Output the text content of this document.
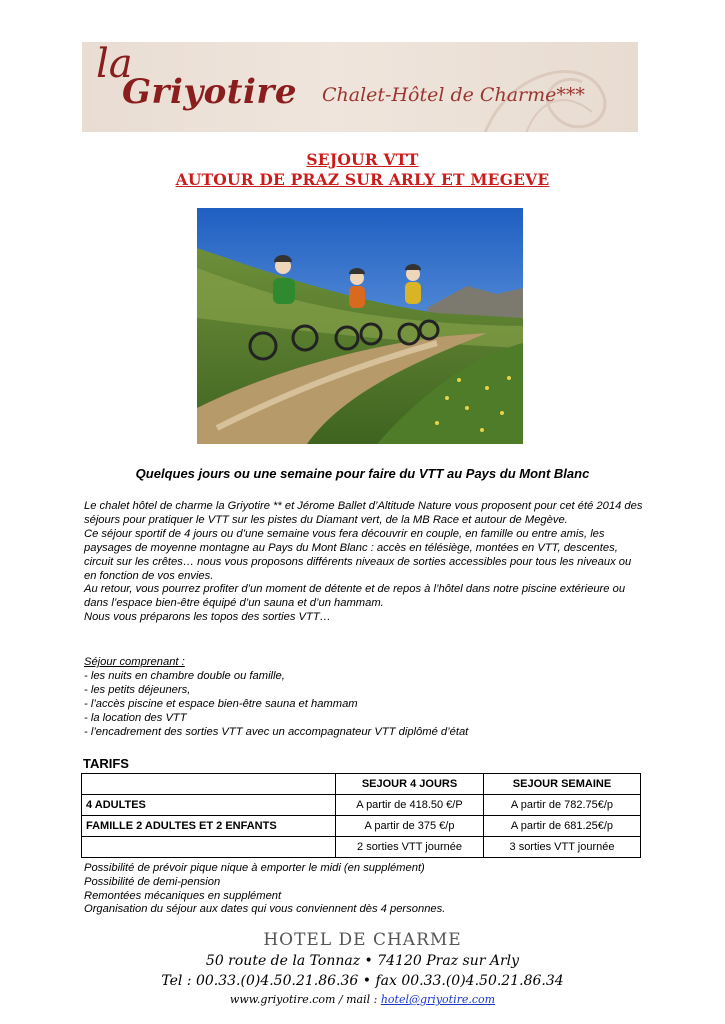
la
Griyotire Chalet-Hôtel de Charme***
SEJOUR VTT
AUTOUR DE PRAZ SUR ARLY ET MEGEVE
Quelques jours ou une semaine pour faire du VTT au Pays du Mont Blanc

Le chalet hôtel de charme la Griyotire ** et Jérome Ballet d’Altitude Nature vous proposent pour cet été 2014 des séjours pour pratiquer le VTT sur les pistes du Diamant vert, de la MB Race et autour de Megève.

Ce séjour sportif de 4 jours ou d’une semaine vous fera découvrir en couple, en famille ou entre amis, les paysages de moyenne montagne au Pays du Mont Blanc : accès en télésiège, montées en VTT, descentes, circuit sur les crêtes… nous vous proposons différents niveaux de sorties accessibles pour tous les niveaux ou en fonction de vos envies.

Au retour, vous pourrez profiter d’un moment de détente et de repos à l’hôtel dans notre piscine extérieure ou dans l’espace bien-être équipé d’un sauna et d’un hammam.

Nous vous préparons les topos des sorties VTT…

Séjour comprenant :
- les nuits en chambre double ou famille,
- les petits déjeuners,
- l’accès piscine et espace bien-être sauna et hammam
- la location des VTT
- l’encadrement des sorties VTT avec un accompagnateur VTT diplômé d’état
TARIFS
	SEJOUR 4 JOURS	SEJOUR SEMAINE
4 ADULTES	A partir de 418.50 €/P	A partir de 782.75€/p
FAMILLE 2 ADULTES ET 2 ENFANTS	A partir de 375 €/p	A partir de 681.25€/p
	2 sorties VTT journée	3 sorties VTT journée

Possibilité de prévoir pique nique à emporter le midi (en supplément)

Possibilité de demi-pension

Remontées mécaniques en supplément

Organisation du séjour aux dates qui vous conviennent dès 4 personnes.

HOTEL DE CHARME
50 route de la Tonnaz • 74120 Praz sur Arly
Tel : 00.33.(0)4.50.21.86.36 • fax 00.33.(0)4.50.21.86.34
www.griyotire.com / mail : hotel@griyotire.com
